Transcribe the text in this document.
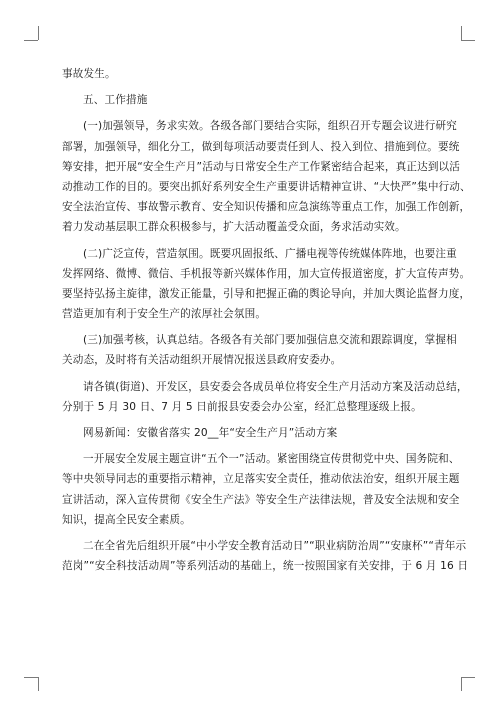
事故发生。
五、工作措施
(一)加强领导，务求实效。各级各部门要结合实际，组织召开专题会议进行研究
部署，加强领导，细化分工，做到每项活动要责任到人、投入到位、措施到位。要统
筹安排，把开展“安全生产月”活动与日常安全生产工作紧密结合起来，真正达到以活
动推动工作的目的。要突出抓好系列安全生产重要讲话精神宣讲、“大快严”集中行动、
安全法治宣传、事故警示教育、安全知识传播和应急演练等重点工作，加强工作创新，
着力发动基层职工群众积极参与，扩大活动覆盖受众面，务求活动实效。
(二)广泛宣传，营造氛围。既要巩固报纸、广播电视等传统媒体阵地，也要注重
发挥网络、微博、微信、手机报等新兴媒体作用，加大宣传报道密度，扩大宣传声势。
要坚持弘扬主旋律，激发正能量，引导和把握正确的舆论导向，并加大舆论监督力度，
营造更加有利于安全生产的浓厚社会氛围。
(三)加强考核，认真总结。各级各有关部门要加强信息交流和跟踪调度，掌握相
关动态，及时将有关活动组织开展情况报送县政府安委办。
请各镇(街道)、开发区，县安委会各成员单位将安全生产月活动方案及活动总结，
分别于 5 月 30 日、7 月 5 日前报县安委会办公室，经汇总整理逐级上报。
网易新闻：安徽省落实 20__年“安全生产月”活动方案
一开展安全发展主题宣讲“五个一”活动。紧密围绕宣传贯彻党中央、国务院和、
等中央领导同志的重要指示精神，立足落实安全责任，推动依法治安，组织开展主题
宣讲活动，深入宣传贯彻《安全生产法》等安全生产法律法规，普及安全法规和安全
知识，提高全民安全素质。
二在全省先后组织开展“中小学安全教育活动日”“职业病防治周”“安康杯”“青年示
范岗”“安全科技活动周”等系列活动的基础上，统一按照国家有关安排，于 6 月 16 日
